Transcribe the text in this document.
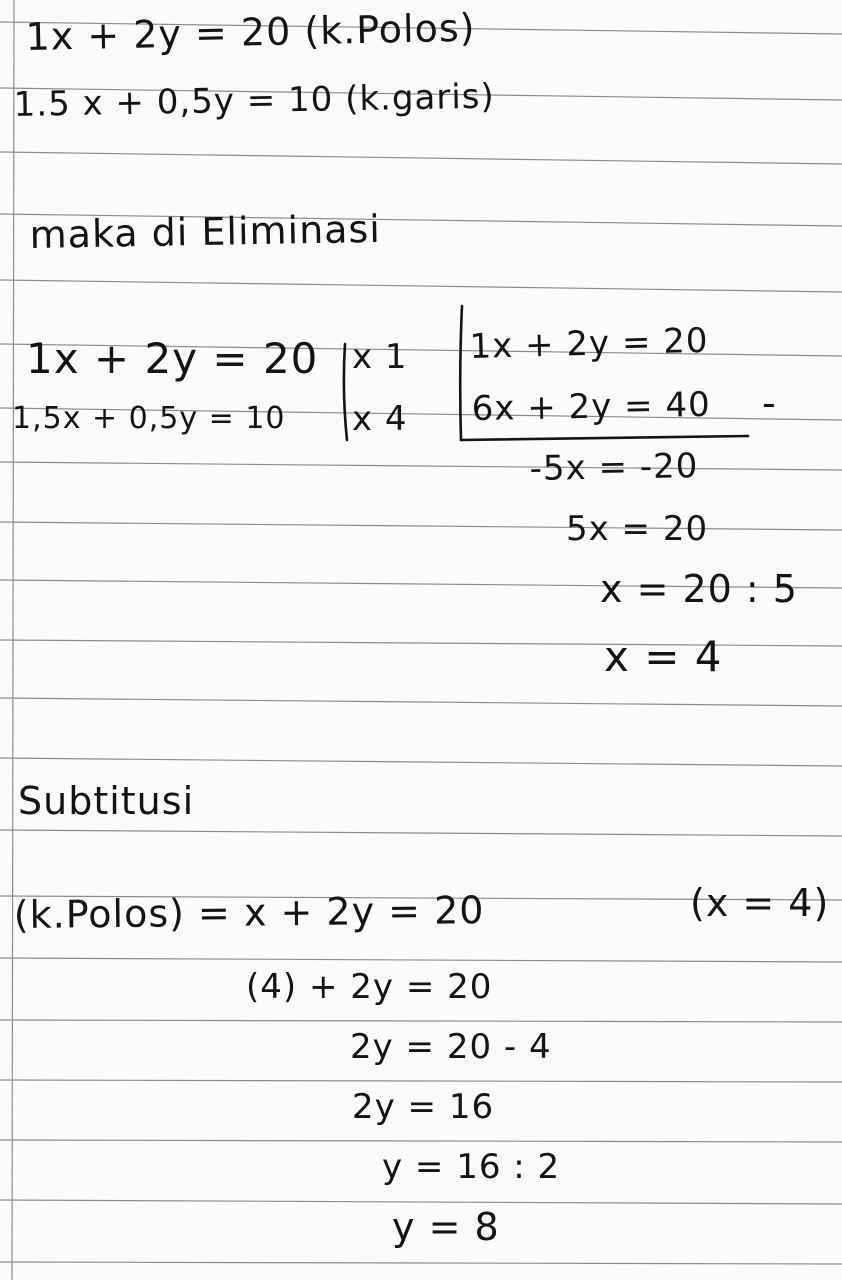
1x + 2y = 20 (k.Polos)

1.5 x + 0,5y = 10 (k.garis)

maka di Eliminasi

1x + 2y = 20

1,5x + 0,5y = 10

x 1

x 4

1x + 2y = 20

6x + 2y = 40 -

-5x = -20

5x = 20

x = 20 : 5

x = 4

Subtitusi

(k.Polos) = x + 2y = 20	(x = 4)

(4) + 2y = 20

2y = 20 - 4

2y = 16

y = 16 : 2

y = 8
